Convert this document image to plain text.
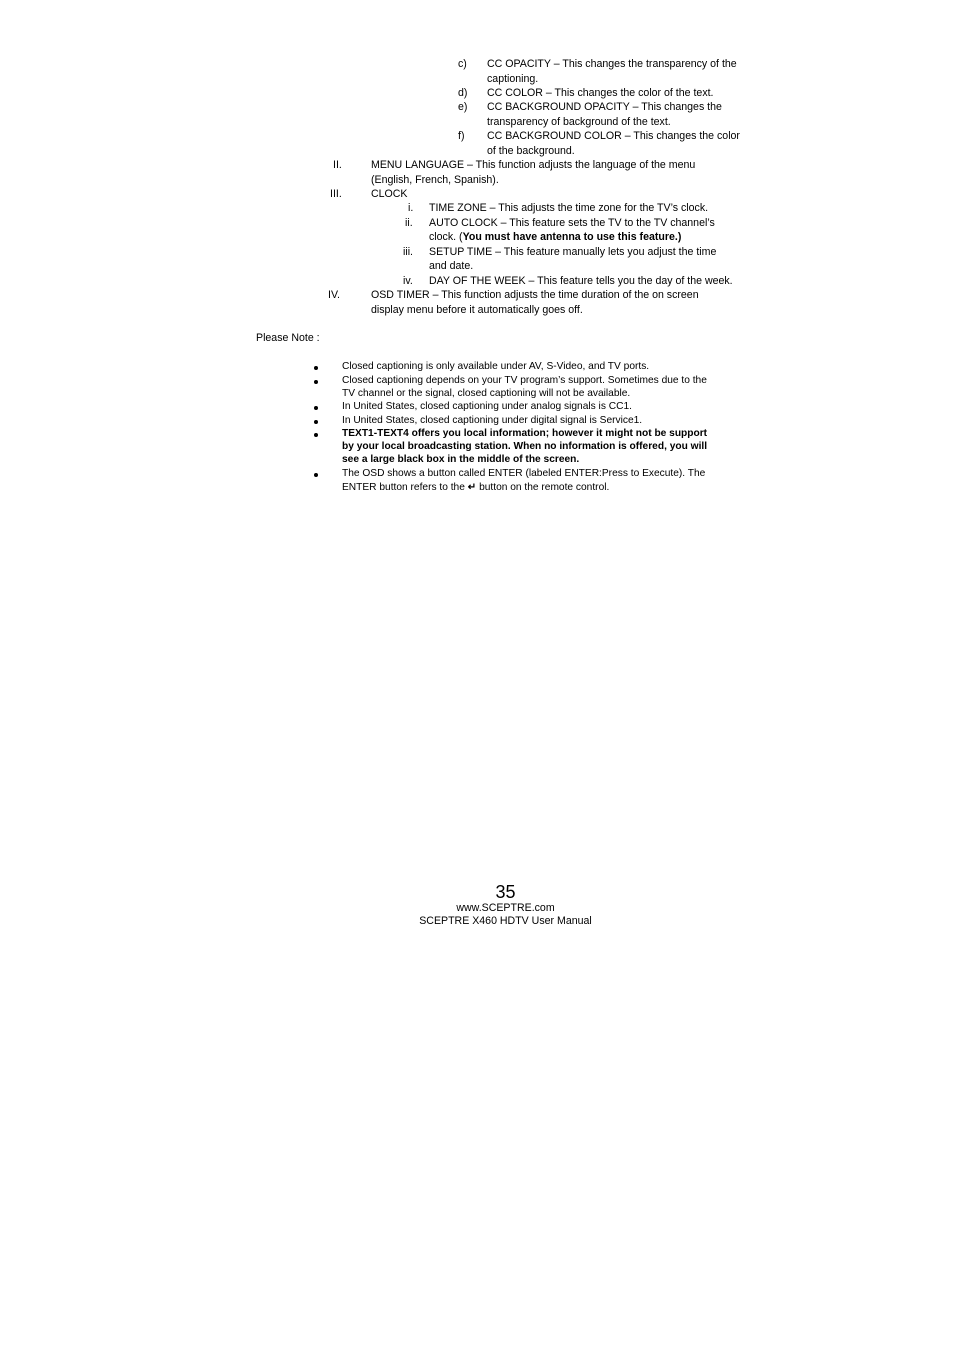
c) CC OPACITY – This changes the transparency of the
captioning.
d) CC COLOR – This changes the color of the text.
e) CC BACKGROUND OPACITY – This changes the
transparency of background of the text.
f) CC BACKGROUND COLOR – This changes the color
of the background.
II.	MENU LANGUAGE – This function adjusts the language of the menu
(English, French, Spanish).
III.	CLOCK
i. TIME ZONE – This adjusts the time zone for the TV’s clock.
ii. AUTO CLOCK – This feature sets the TV to the TV channel’s
clock. (You must have antenna to use this feature.)
iii. SETUP TIME – This feature manually lets you adjust the time
and date.
iv. DAY OF THE WEEK – This feature tells you the day of the week.
IV.	OSD TIMER – This function adjusts the time duration of the on screen
display menu before it automatically goes off.
Please Note :
Closed captioning is only available under AV, S-Video, and TV ports.
Closed captioning depends on your TV program’s support. Sometimes due to the
TV channel or the signal, closed captioning will not be available.
In United States, closed captioning under analog signals is CC1.
In United States, closed captioning under digital signal is Service1.
TEXT1-TEXT4 offers you local information; however it might not be support
by your local broadcasting station. When no information is offered, you will
see a large black box in the middle of the screen.
The OSD shows a button called ENTER (labeled ENTER:Press to Execute). The
ENTER button refers to the ↵ button on the remote control.
35
www.SCEPTRE.com
SCEPTRE X460 HDTV User Manual
